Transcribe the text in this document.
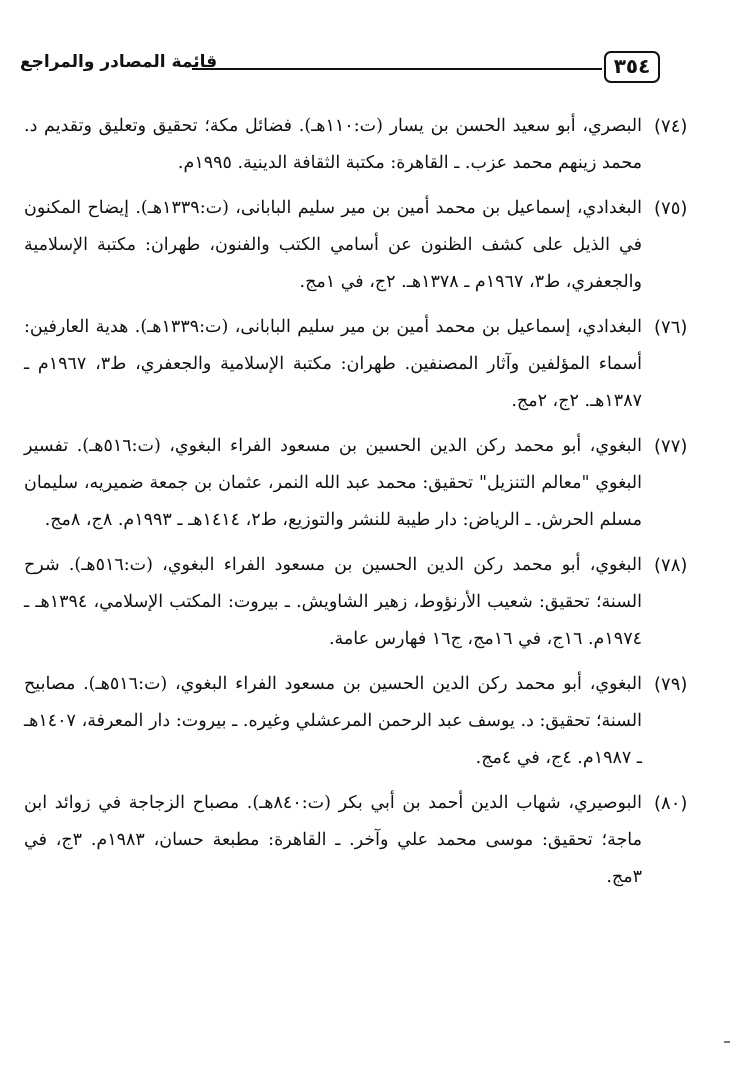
قائمة المصادر والمراجع	٣٥٤
(٧٤)
البصري، أبو سعيد الحسن بن يسار (ت:١١٠هـ). فضائل مكة؛ تحقيق وتعليق وتقديم د. محمد زينهم محمد عزب. ـ القاهرة: مكتبة الثقافة الدينية. ١٩٩٥م.
(٧٥)
البغدادي، إسماعيل بن محمد أمين بن مير سليم البابانى، (ت:١٣٣٩هـ). إيضاح المكنون في الذيل على كشف الظنون عن أسامي الكتب والفنون، طهران: مكتبة الإسلامية والجعفري، ط٣، ١٩٦٧م ـ ١٣٧٨هـ. ٢ج، في ١مج.
(٧٦)
البغدادي، إسماعيل بن محمد أمين بن مير سليم البابانى، (ت:١٣٣٩هـ). هدية العارفين: أسماء المؤلفين وآثار المصنفين. طهران: مكتبة الإسلامية والجعفري، ط٣، ١٩٦٧م ـ ١٣٨٧هـ. ٢ج، ٢مج.
(٧٧)
البغوي، أبو محمد ركن الدين الحسين بن مسعود الفراء البغوي، (ت:٥١٦هـ). تفسير البغوي "معالم التنزيل" تحقيق: محمد عبد الله النمر، عثمان بن جمعة ضميريه، سليمان مسلم الحرش. ـ الرياض: دار طيبة للنشر والتوزيع، ط٢، ١٤١٤هـ ـ ١٩٩٣م. ٨ج، ٨مج.
(٧٨)
البغوي، أبو محمد ركن الدين الحسين بن مسعود الفراء البغوي، (ت:٥١٦هـ). شرح السنة؛ تحقيق: شعيب الأرنؤوط، زهير الشاويش. ـ بيروت: المكتب الإسلامي، ١٣٩٤هـ ـ ١٩٧٤م. ١٦ج، في ١٦مج، ج١٦ فهارس عامة.
(٧٩)
البغوي، أبو محمد ركن الدين الحسين بن مسعود الفراء البغوي، (ت:٥١٦هـ). مصابيح السنة؛ تحقيق: د. يوسف عبد الرحمن المرعشلي وغيره. ـ بيروت: دار المعرفة، ١٤٠٧هـ ـ ١٩٨٧م. ٤ج، في ٤مج.
(٨٠)
البوصيري، شهاب الدين أحمد بن أبي بكر (ت:٨٤٠هـ). مصباح الزجاجة في زوائد ابن ماجة؛ تحقيق: موسى محمد علي وآخر. ـ القاهرة: مطبعة حسان، ١٩٨٣م. ٣ج، في ٣مج.
